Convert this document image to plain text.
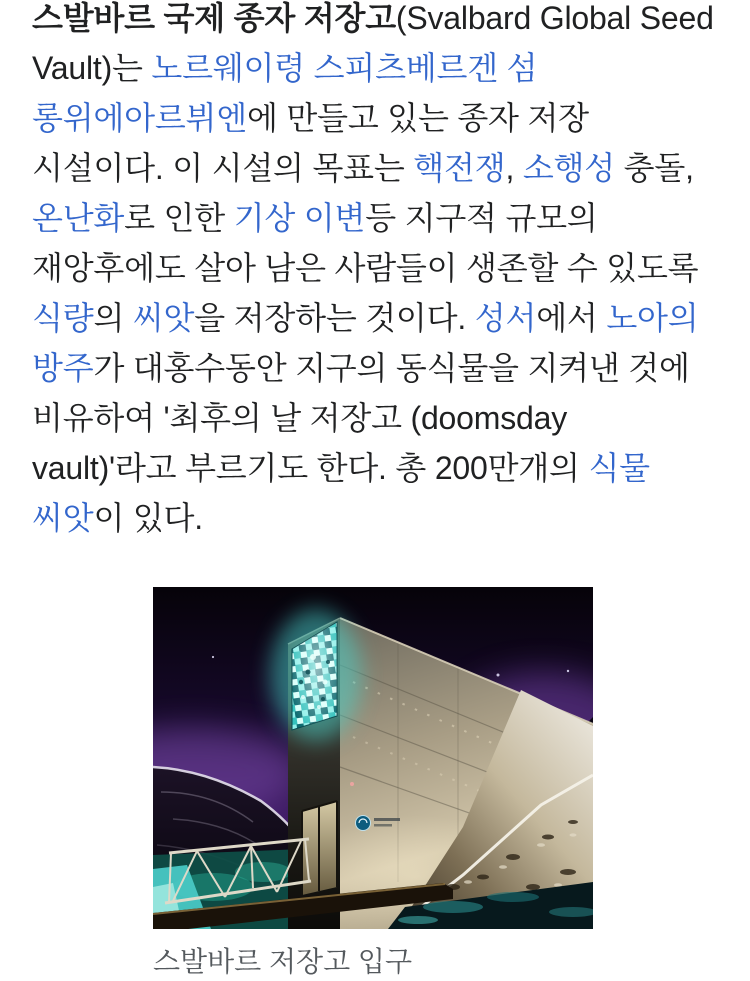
스발바르 국제 종자 저장고(Svalbard Global Seed Vault)는 노르웨이령 스피츠베르겐 섬 롱위에아르뷔엔에 만들고 있는 종자 저장 시설이다. 이 시설의 목표는 핵전쟁, 소행성 충돌, 온난화로 인한 기상 이변등 지구적 규모의 재앙후에도 살아 남은 사람들이 생존할 수 있도록 식량의 씨앗을 저장하는 것이다. 성서에서 노아의 방주가 대홍수동안 지구의 동식물을 지켜낸 것에 비유하여 '최후의 날 저장고 (doomsday vault)'라고 부르기도 한다. 총 200만개의 식물 씨앗이 있다.

스발바르 저장고 입구
